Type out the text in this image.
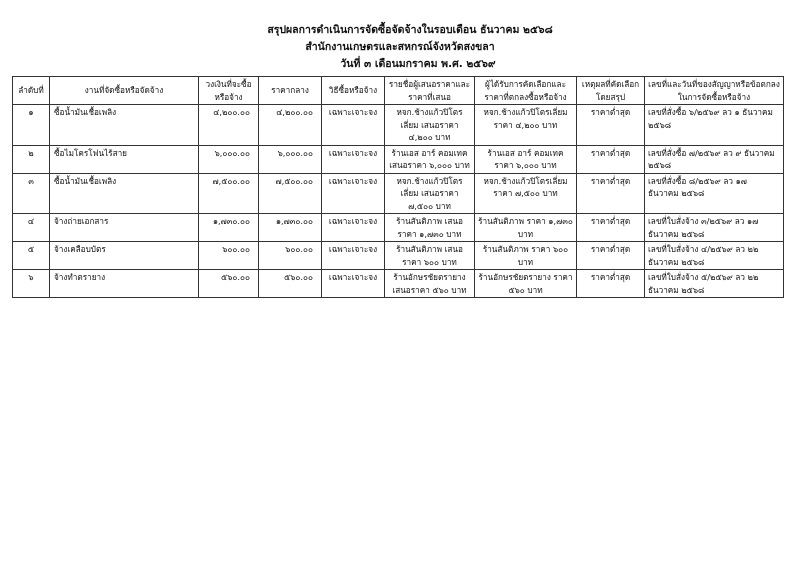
สรุปผลการดำเนินการจัดซื้อจัดจ้างในรอบเดือน ธันวาคม ๒๕๖๘
สำนักงานเกษตรและสหกรณ์จังหวัดสงขลา
วันที่ ๓ เดือนมกราคม พ.ศ. ๒๕๖๙
ลำดับที่	งานที่จัดซื้อหรือจัดจ้าง	วงเงินที่จะซื้อหรือจ้าง	ราคากลาง	วิธีซื้อหรือจ้าง	รายชื่อผู้เสนอราคาและราคาที่เสนอ	ผู้ได้รับการคัดเลือกและราคาที่ตกลงซื้อหรือจ้าง	เหตุผลที่คัดเลือกโดยสรุป	เลขที่และวันที่ของสัญญาหรือข้อตกลงในการจัดซื้อหรือจ้าง
๑	ซื้อน้ำมันเชื้อเพลิง	๔,๒๐๐.๐๐	๔,๒๐๐.๐๐	เฉพาะเจาะจง	หจก.ช้างแก้วปิโตรเลี่ยม เสนอราคา ๔,๒๐๐ บาท	หจก.ช้างแก้วปิโตรเลี่ยม ราคา ๔,๒๐๐ บาท	ราคาต่ำสุด	เลขที่สั่งซื้อ ๖/๒๕๖๙ ลว ๑ ธันวาคม ๒๕๖๘
๒	ซื้อไมโครโฟนไร้สาย	๖,๐๐๐.๐๐	๖,๐๐๐.๐๐	เฉพาะเจาะจง	ร้านเอส อาร์ คอมเทค เสนอราคา ๖,๐๐๐ บาท	ร้านเอส อาร์ คอมเทค ราคา ๖,๐๐๐ บาท	ราคาต่ำสุด	เลขที่สั่งซื้อ ๗/๒๕๖๙ ลว ๙ ธันวาคม ๒๕๖๘
๓	ซื้อน้ำมันเชื้อเพลิง	๗,๕๐๐.๐๐	๗,๕๐๐.๐๐	เฉพาะเจาะจง	หจก.ช้างแก้วปิโตรเลี่ยม เสนอราคา ๗,๕๐๐ บาท	หจก.ช้างแก้วปิโตรเลี่ยม ราคา ๗,๕๐๐ บาท	ราคาต่ำสุด	เลขที่สั่งซื้อ ๘/๒๕๖๙ ลว ๑๗ ธันวาคม ๒๕๖๘
๔	จ้างถ่ายเอกสาร	๑,๗๓๐.๐๐	๑,๗๓๐.๐๐	เฉพาะเจาะจง	ร้านสันติภาพ เสนอราคา ๑,๗๓๐ บาท	ร้านสันติภาพ ราคา ๑,๗๓๐ บาท	ราคาต่ำสุด	เลขที่ใบสั่งจ้าง ๓/๒๕๖๙ ลว ๑๗ ธันวาคม ๒๕๖๘
๕	จ้างเคลือบบัตร	๖๐๐.๐๐	๖๐๐.๐๐	เฉพาะเจาะจง	ร้านสันติภาพ เสนอราคา ๖๐๐ บาท	ร้านสันติภาพ ราคา ๖๐๐ บาท	ราคาต่ำสุด	เลขที่ใบสั่งจ้าง ๔/๒๕๖๙ ลว ๒๒ ธันวาคม ๒๕๖๘
๖	จ้างทำตรายาง	๕๖๐.๐๐	๕๖๐.๐๐	เฉพาะเจาะจง	ร้านอักษรชัยตรายาง เสนอราคา ๕๖๐ บาท	ร้านอักษรชัยตรายาง ราคา ๕๖๐ บาท	ราคาต่ำสุด	เลขที่ใบสั่งจ้าง ๕/๒๕๖๙ ลว ๒๒ ธันวาคม ๒๕๖๘
